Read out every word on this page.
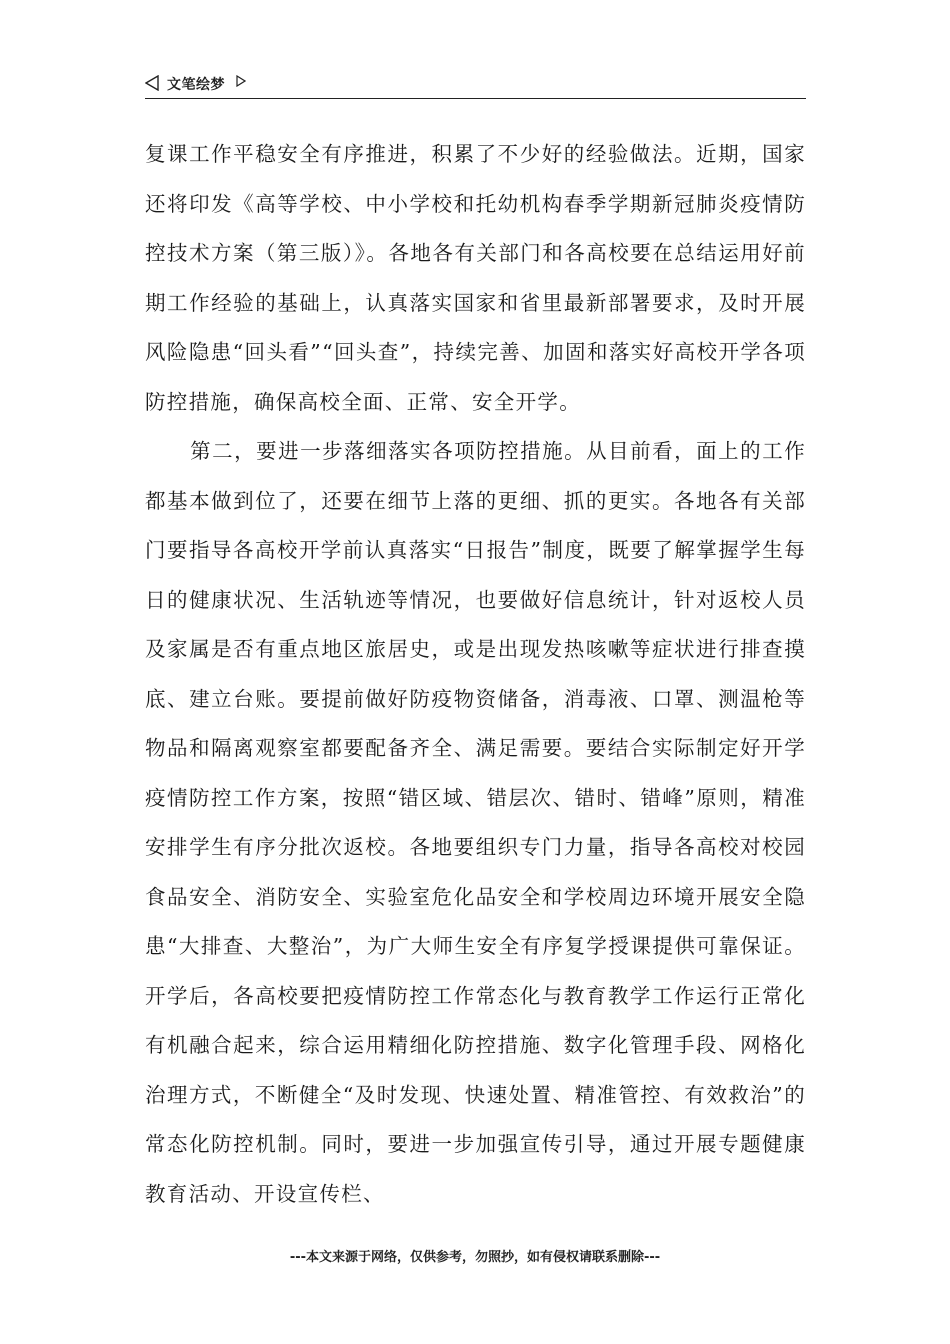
文笔绘梦

复课工作平稳安全有序推进，积累了不少好的经验做法。近期，国家还将印发《高等学校、中小学校和托幼机构春季学期新冠肺炎疫情防控技术方案（第三版）》。各地各有关部门和各高校要在总结运用好前期工作经验的基础上，认真落实国家和省里最新部署要求，及时开展风险隐患“回头看”“回头查”，持续完善、加固和落实好高校开学各项防控措施，确保高校全面、正常、安全开学。

第二，要进一步落细落实各项防控措施。从目前看，面上的工作都基本做到位了，还要在细节上落的更细、抓的更实。各地各有关部门要指导各高校开学前认真落实“日报告”制度，既要了解掌握学生每日的健康状况、生活轨迹等情况，也要做好信息统计，针对返校人员及家属是否有重点地区旅居史，或是出现发热咳嗽等症状进行排查摸底、建立台账。要提前做好防疫物资储备，消毒液、口罩、测温枪等物品和隔离观察室都要配备齐全、满足需要。要结合实际制定好开学疫情防控工作方案，按照“错区域、错层次、错时、错峰”原则，精准安排学生有序分批次返校。各地要组织专门力量，指导各高校对校园食品安全、消防安全、实验室危化品安全和学校周边环境开展安全隐患“大排查、大整治”，为广大师生安全有序复学授课提供可靠保证。开学后，各高校要把疫情防控工作常态化与教育教学工作运行正常化有机融合起来，综合运用精细化防控措施、数字化管理手段、网格化治理方式，不断健全“及时发现、快速处置、精准管控、有效救治”的常态化防控机制。同时，要进一步加强宣传引导，通过开展专题健康教育活动、开设宣传栏、

---本文来源于网络，仅供参考，勿照抄，如有侵权请联系删除---
